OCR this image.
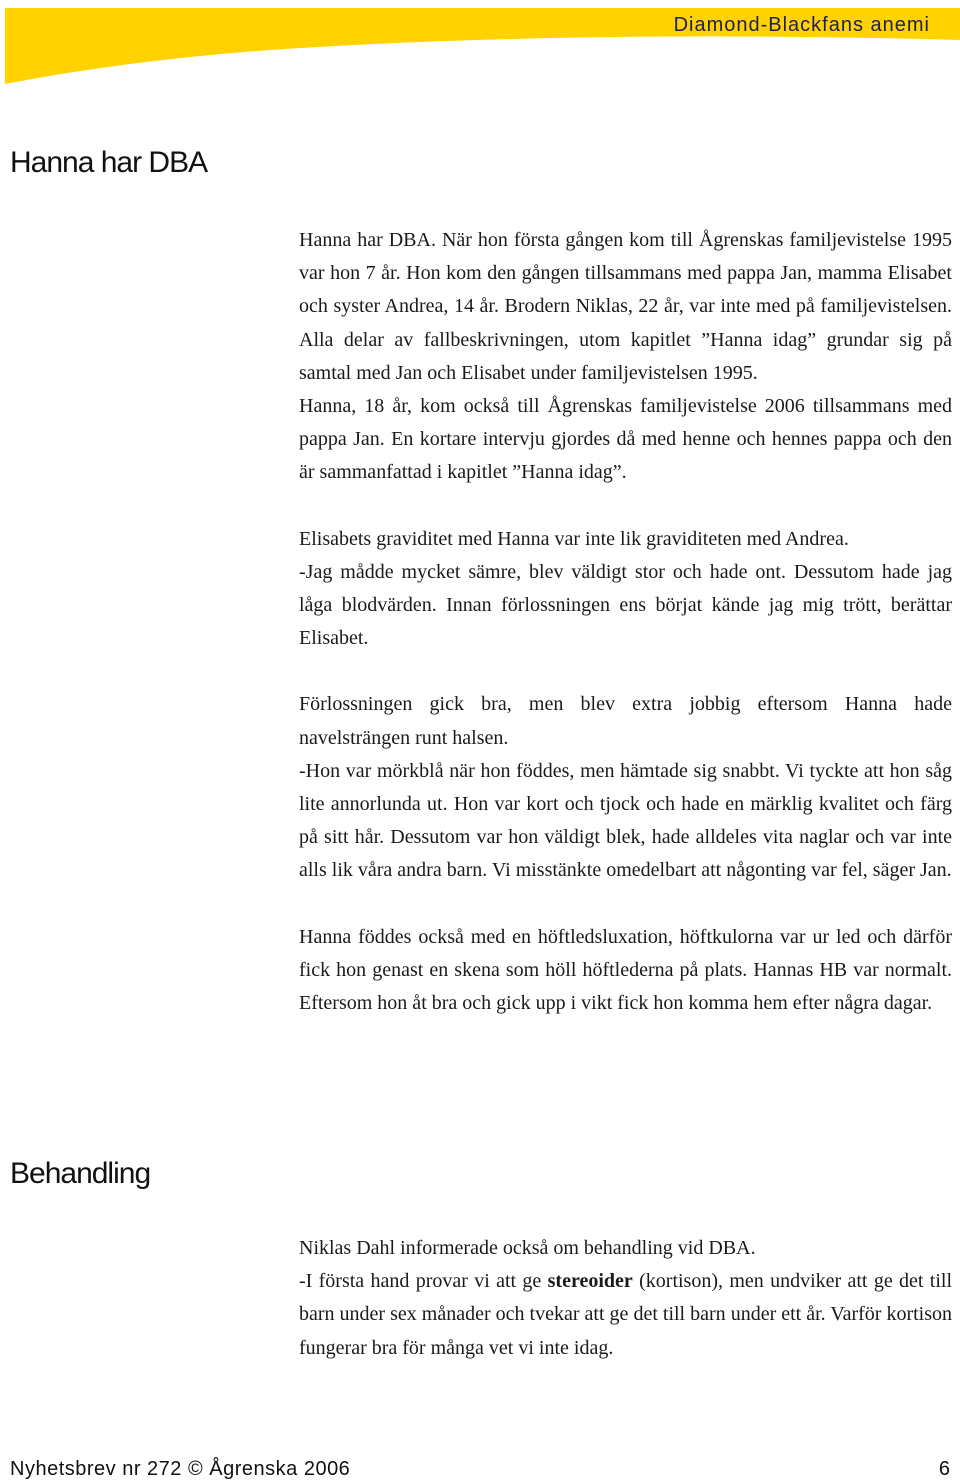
Diamond-Blackfans anemi
Hanna har DBA

Hanna har DBA. När hon första gången kom till Ågrenskas familjevistelse 1995 var hon 7 år. Hon kom den gången tillsammans med pappa Jan, mamma Elisabet och syster Andrea, 14 år. Brodern Niklas, 22 år, var inte med på familjevistelsen. Alla delar av fallbeskrivningen, utom kapitlet ”Hanna idag” grundar sig på samtal med Jan och Elisabet under familjevistelsen 1995.

Hanna, 18 år, kom också till Ågrenskas familjevistelse 2006 tillsammans med pappa Jan. En kortare intervju gjordes då med henne och hennes pappa och den är sammanfattad i kapitlet ”Hanna idag”.

Elisabets graviditet med Hanna var inte lik graviditeten med Andrea.

-Jag mådde mycket sämre, blev väldigt stor och hade ont. Dessutom hade jag låga blodvärden. Innan förlossningen ens börjat kände jag mig trött, berättar Elisabet.

Förlossningen gick bra, men blev extra jobbig eftersom Hanna hade navelsträngen runt halsen.

-Hon var mörkblå när hon föddes, men hämtade sig snabbt. Vi tyckte att hon såg lite annorlunda ut. Hon var kort och tjock och hade en märklig kvalitet och färg på sitt hår. Dessutom var hon väldigt blek, hade alldeles vita naglar och var inte alls lik våra andra barn. Vi misstänkte omedelbart att någonting var fel, säger Jan.

Hanna föddes också med en höftledsluxation, höftkulorna var ur led och därför fick hon genast en skena som höll höftlederna på plats. Hannas HB var normalt. Eftersom hon åt bra och gick upp i vikt fick hon komma hem efter några dagar.

Behandling

Niklas Dahl informerade också om behandling vid DBA.

-I första hand provar vi att ge stereoider (kortison), men undviker att ge det till barn under sex månader och tvekar att ge det till barn under ett år. Varför kortison fungerar bra för många vet vi inte idag.

Nyhetsbrev nr 272 © Ågrenska 2006	6
